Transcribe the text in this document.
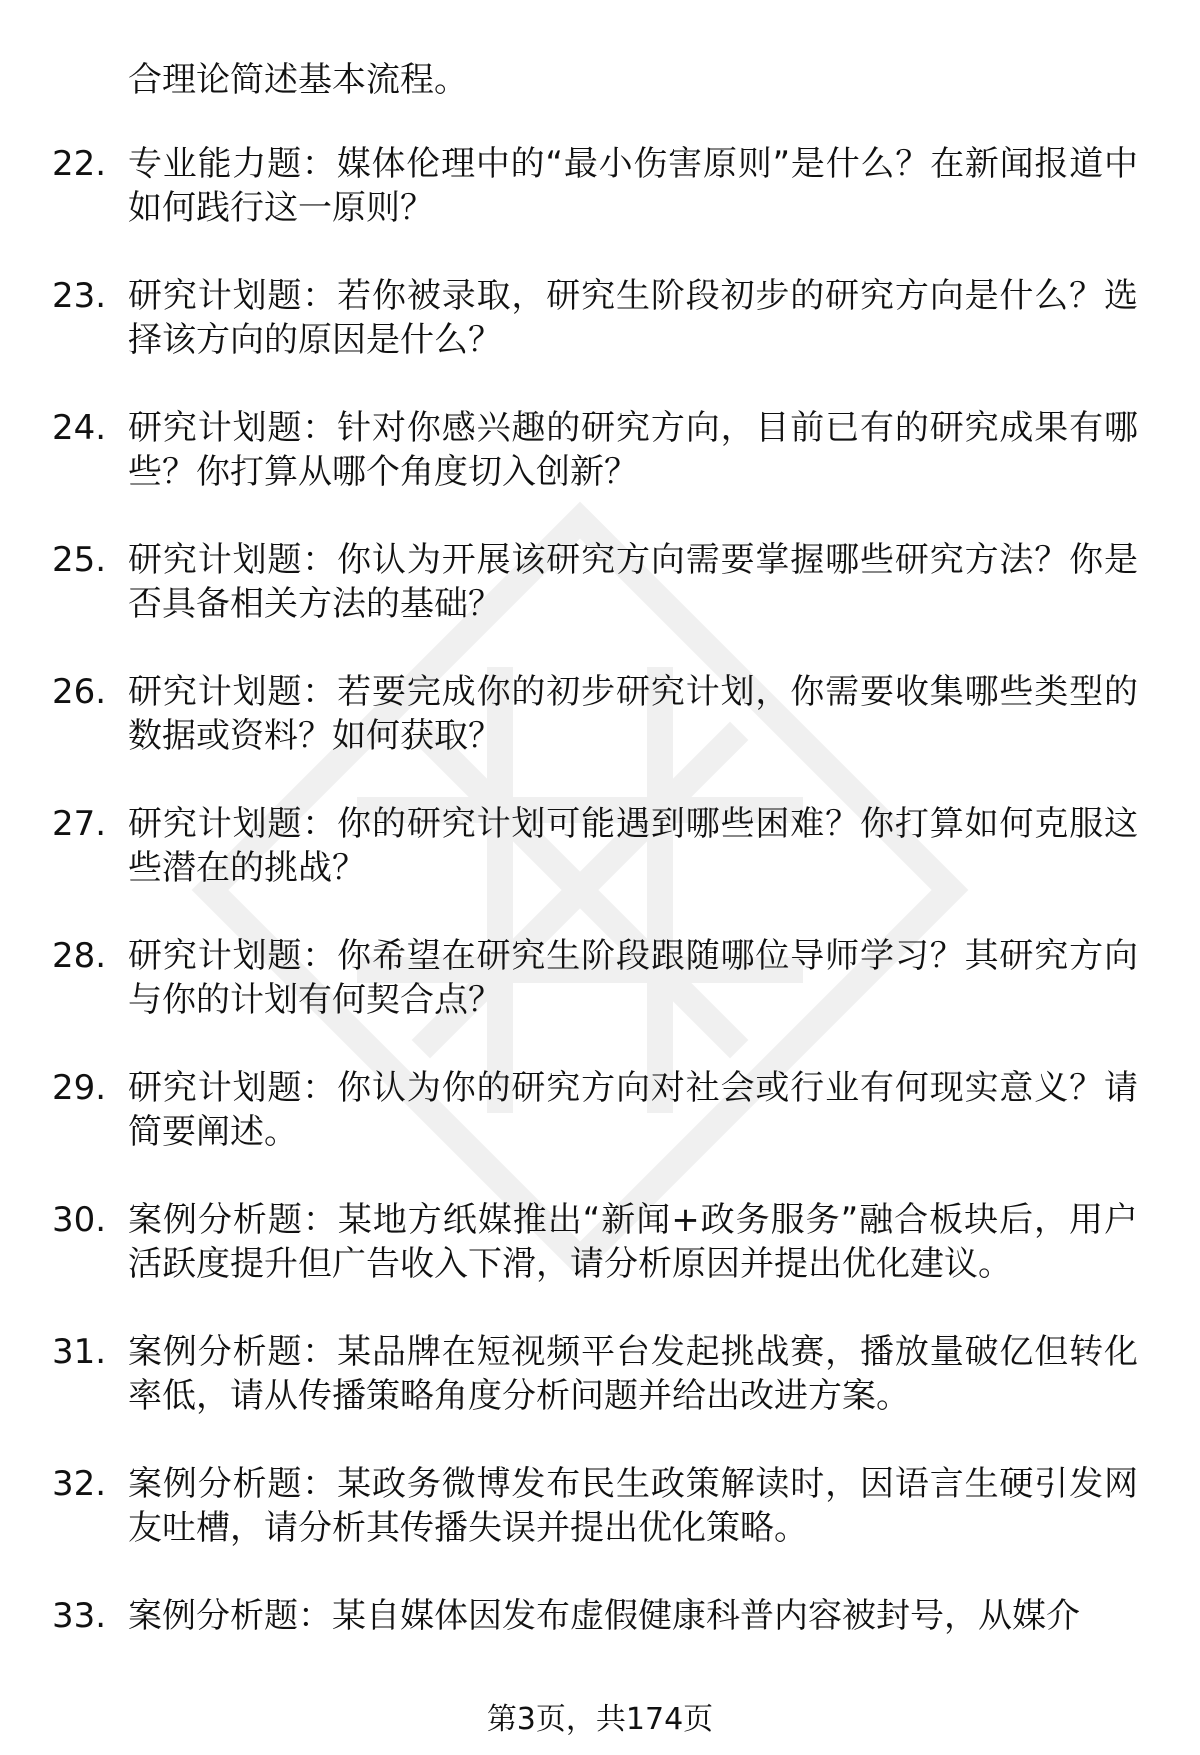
合理论简述基本流程。
22. 专业能力题：媒体伦理中的“最小伤害原则”是什么？在新闻报道中如何践行这一原则？
23. 研究计划题：若你被录取，研究生阶段初步的研究方向是什么？选择该方向的原因是什么？
24. 研究计划题：针对你感兴趣的研究方向，目前已有的研究成果有哪些？你打算从哪个角度切入创新？
25. 研究计划题：你认为开展该研究方向需要掌握哪些研究方法？你是否具备相关方法的基础？
26. 研究计划题：若要完成你的初步研究计划，你需要收集哪些类型的数据或资料？如何获取？
27. 研究计划题：你的研究计划可能遇到哪些困难？你打算如何克服这些潜在的挑战？
28. 研究计划题：你希望在研究生阶段跟随哪位导师学习？其研究方向与你的计划有何契合点？
29. 研究计划题：你认为你的研究方向对社会或行业有何现实意义？请简要阐述。
30. 案例分析题：某地方纸媒推出“新闻+政务服务”融合板块后，用户活跃度提升但广告收入下滑，请分析原因并提出优化建议。
31. 案例分析题：某品牌在短视频平台发起挑战赛，播放量破亿但转化率低，请从传播策略角度分析问题并给出改进方案。
32. 案例分析题：某政务微博发布民生政策解读时，因语言生硬引发网友吐槽，请分析其传播失误并提出优化策略。
33. 案例分析题：某自媒体因发布虚假健康科普内容被封号，从媒介
第3页，共174页
